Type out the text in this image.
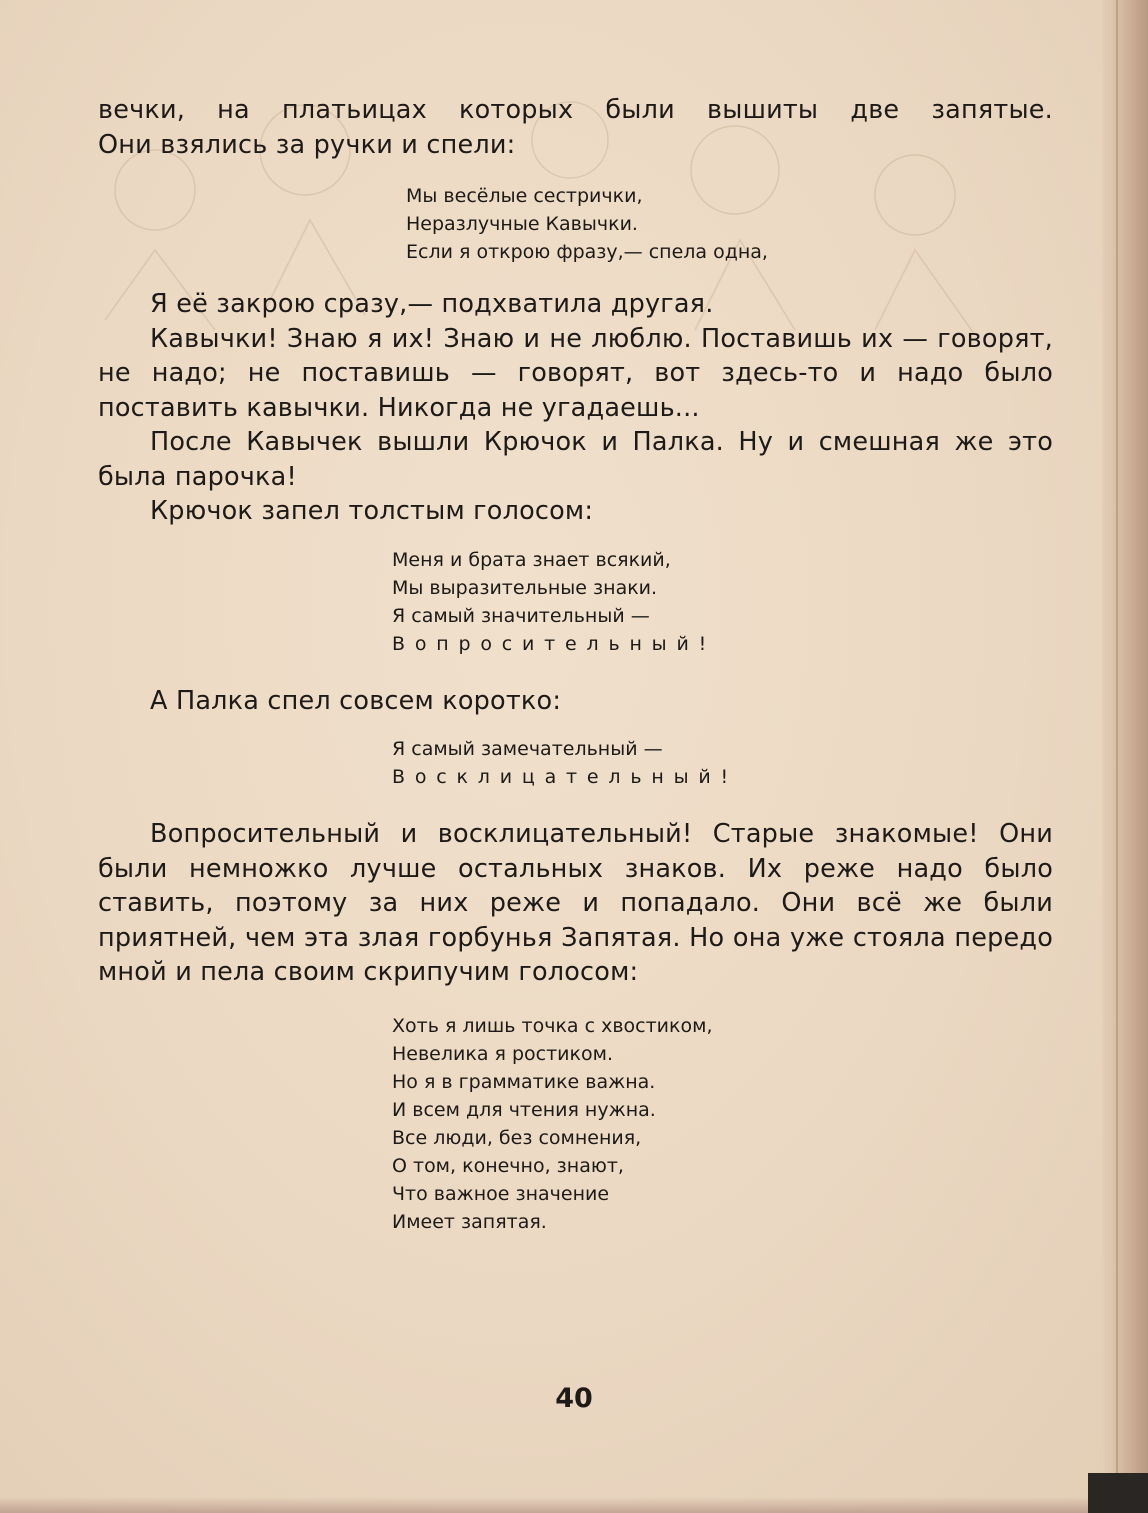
вечки, на платьицах которых были вышиты две запятые.

Они взялись за ручки и спели:

Мы весёлые сестрички,
Неразлучные Кавычки.
Если я открою фразу,— спела одна,

Я её закрою сразу,— подхватила другая.

Кавычки! Знаю я их! Знаю и не люблю. Поставишь их — говорят, не надо; не поставишь — говорят, вот здесь-то и надо было поставить кавычки. Никогда не угадаешь...

После Кавычек вышли Крючок и Палка. Ну и смешная же это была парочка!

Крючок запел толстым голосом:

Меня и брата знает всякий,
Мы выразительные знаки.
Я самый значительный —
Вопросительный!

А Палка спел совсем коротко:

Я самый замечательный —
Восклицательный!

Вопросительный и восклицательный! Старые знакомые! Они были немножко лучше остальных знаков. Их реже надо было ставить, поэтому за них реже и попадало. Они всё же были приятней, чем эта злая горбунья Запятая. Но она уже стояла передо мной и пела своим скрипучим голосом:

Хоть я лишь точка с хвостиком,
Невелика я ростиком.
Но я в грамматике важна.
И всем для чтения нужна.
Все люди, без сомнения,
О том, конечно, знают,
Что важное значение
Имеет запятая.
40
